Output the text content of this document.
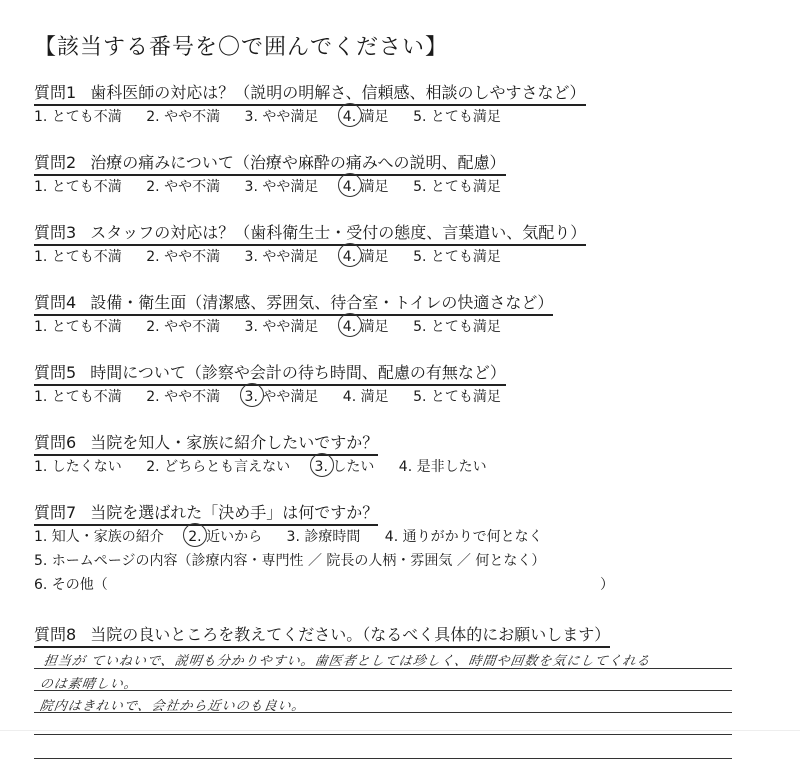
【該当する番号を〇で囲んでください】
質問1 歯科医師の対応は？（説明の明解さ、信頼感、相談のしやすさなど）
1. とても不満 2. やや不満 3. やや満足 4. 満足 5. とても満足
質問2 治療の痛みについて（治療や麻酔の痛みへの説明、配慮）
1. とても不満 2. やや不満 3. やや満足 4. 満足 5. とても満足
質問3 スタッフの対応は？（歯科衛生士・受付の態度、言葉遣い、気配り）
1. とても不満 2. やや不満 3. やや満足 4. 満足 5. とても満足
質問4 設備・衛生面（清潔感、雰囲気、待合室・トイレの快適さなど）
1. とても不満 2. やや不満 3. やや満足 4. 満足 5. とても満足
質問5 時間について（診察や会計の待ち時間、配慮の有無など）
1. とても不満 2. やや不満 3. やや満足 4. 満足 5. とても満足
質問6 当院を知人・家族に紹介したいですか？
1. したくない 2. どちらとも言えない 3. したい 4. 是非したい
質問7 当院を選ばれた「決め手」は何ですか？
1. 知人・家族の紹介 2. 近いから 3. 診療時間 4. 通りがかりで何となく
5. ホームページの内容（診療内容・専門性 ／ 院長の人柄・雰囲気 ／ 何となく）
6. その他（	）
質問8 当院の良いところを教えてください。（なるべく具体的にお願いします）
担当が ていねいで、説明も分かりやすい。歯医者としては珍しく、時間や回数を気にしてくれる
のは素晴しい。
院内はきれいで、会社から近いのも良い。
